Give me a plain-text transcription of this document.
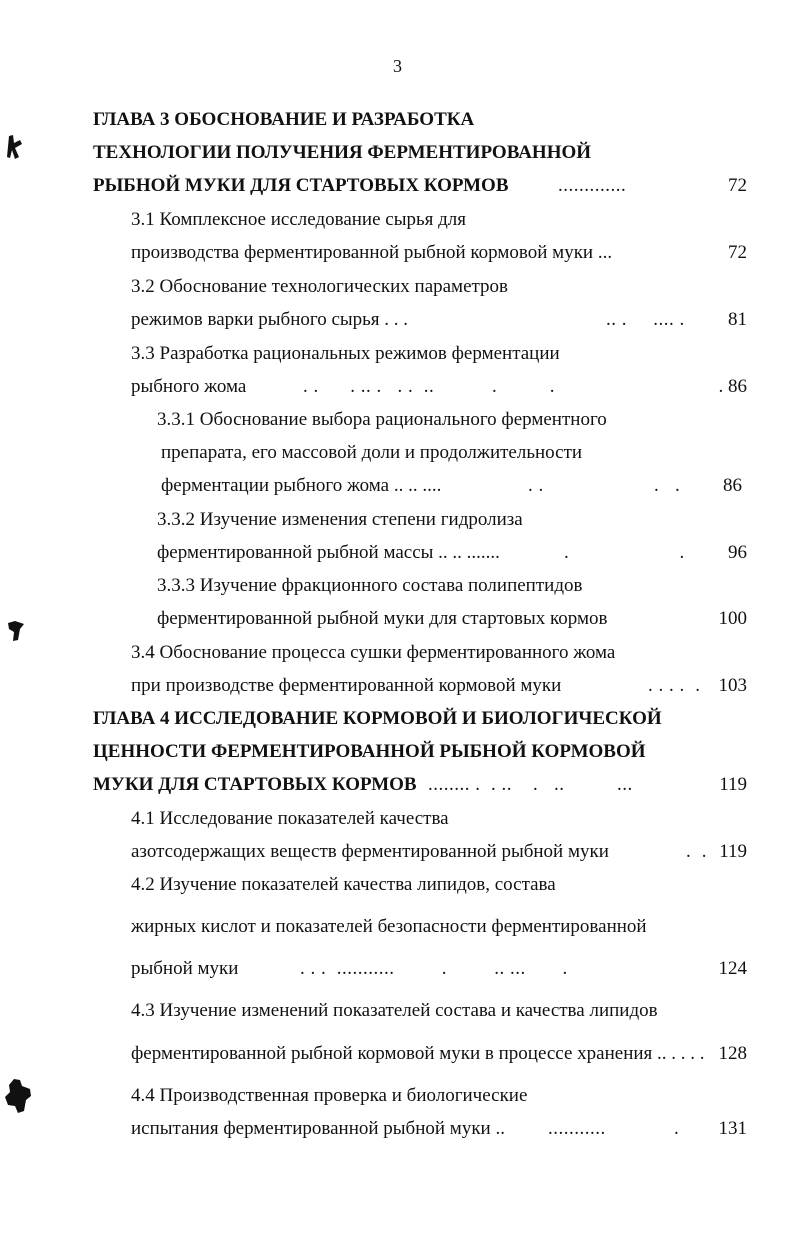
3
ГЛАВА 3 ОБОСНОВАНИЕ И РАЗРАБОТКА
ТЕХНОЛОГИИ ПОЛУЧЕНИЯ ФЕРМЕНТИРОВАННОЙ
РЫБНОЙ МУКИ ДЛЯ СТАРТОВЫХ КОРМОВ	.............	72
3.1 Комплексное исследование сырья для
производства ферментированной рыбной кормовой муки ...	72
3.2 Обоснование технологических параметров
режимов варки рыбного сырья . . .	.. .     .... . 81
3.3 Разработка рациональных режимов ферментации
рыбного жома	. .      . .. .   . .  ..           .          .	. 86
3.3.1 Обоснование выбора рационального ферментного
препарата, его массовой доли и продолжительности
ферментации рыбного жома .. .. ....	. .                     .   . 86
3.3.2 Изучение изменения степени гидролиза
ферментированной рыбной массы .. .. .......	.                     . 96
3.3.3 Изучение фракционного состава полипептидов
ферментированной рыбной муки для стартовых кормов	100
3.4 Обоснование процесса сушки ферментированного жома
при производстве ферментированной кормовой муки	. . . .  . 103
ГЛАВА 4 ИССЛЕДОВАНИЕ КОРМОВОЙ И БИОЛОГИЧЕСКОЙ
ЦЕННОСТИ ФЕРМЕНТИРОВАННОЙ РЫБНОЙ КОРМОВОЙ
МУКИ ДЛЯ СТАРТОВЫХ КОРМОВ ........ .  . ..    .   ..          ...	119
4.1 Исследование показателей качества
азотсодержащих веществ ферментированной рыбной муки	.  . 119
4.2 Изучение показателей качества липидов, состава
жирных кислот и показателей безопасности ферментированной
рыбной муки	. . .  ...........         .         .. ...       .	124
4.3 Изучение изменений показателей состава и качества липидов
ферментированной рыбной кормовой муки в процессе хранения .. . . . . 128
4.4 Производственная проверка и биологические
испытания ферментированной рыбной муки .. ...........             . 131
